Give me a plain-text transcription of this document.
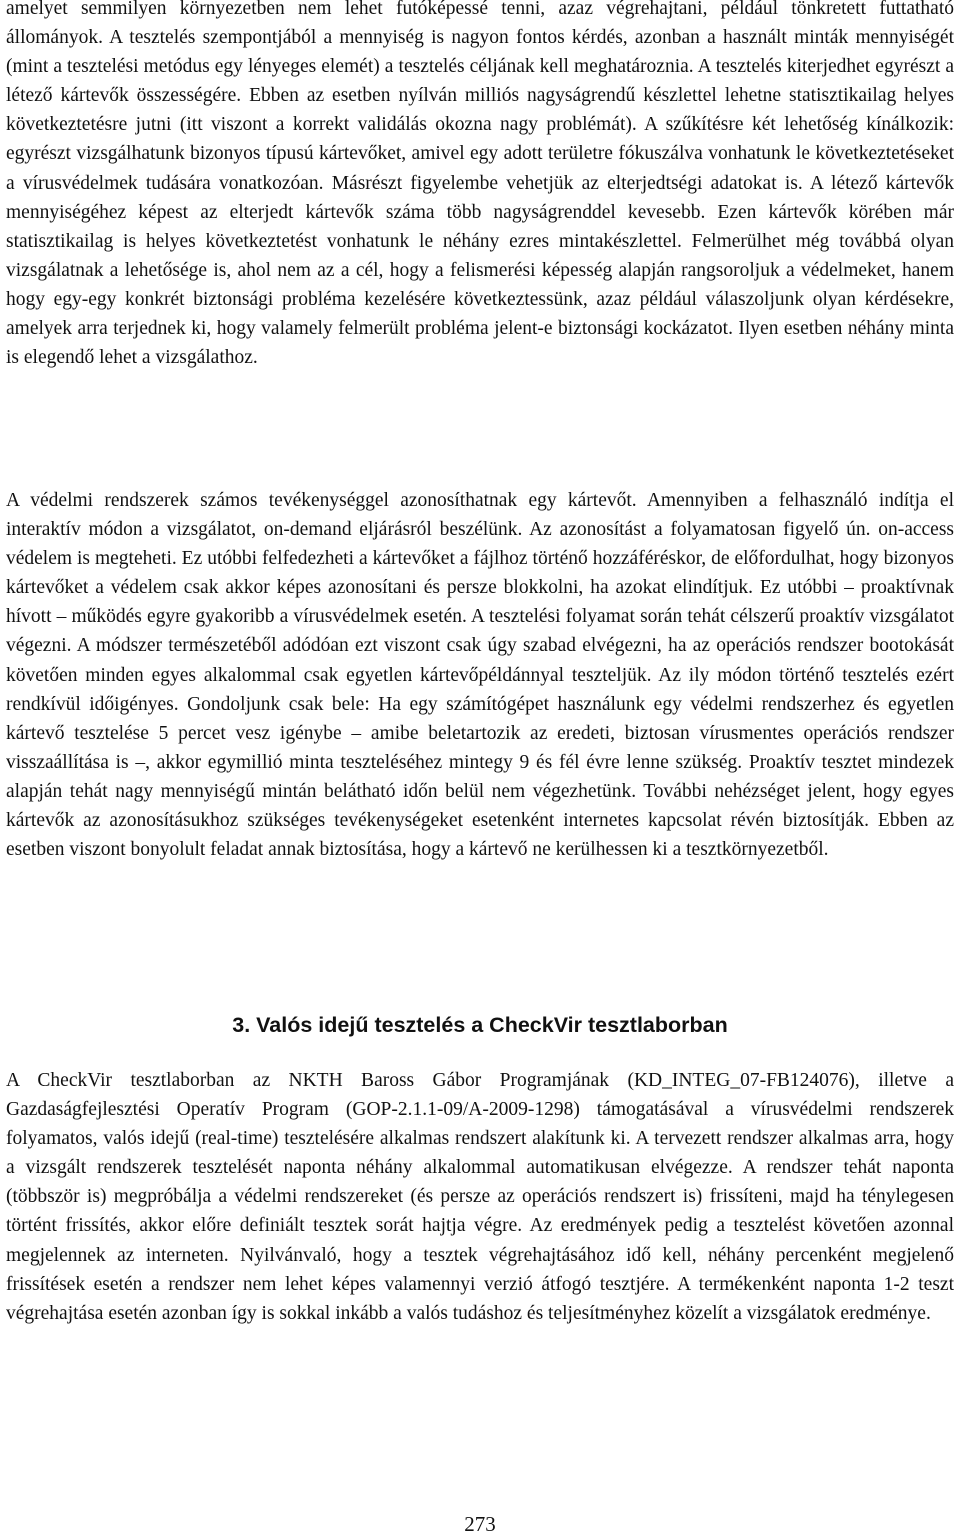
amelyet semmilyen környezetben nem lehet futóképessé tenni, azaz végrehajtani, például tönkretett futtatható állományok. A tesztelés szempontjából a mennyiség is nagyon fontos kérdés, azonban a használt minták mennyiségét (mint a tesztelési metódus egy lényeges elemét) a tesztelés céljának kell meghatároznia. A tesztelés kiterjedhet egyrészt a létező kártevők összességére. Ebben az esetben nyílván milliós nagyságrendű készlettel lehetne statisztikailag helyes következtetésre jutni (itt viszont a korrekt validálás okozna nagy problémát). A szűkítésre két lehetőség kínálkozik: egyrészt vizsgálhatunk bizonyos típusú kártevőket, amivel egy adott területre fókuszálva vonhatunk le következtetéseket a vírusvédelmek tudására vonatkozóan. Másrészt figyelembe vehetjük az elterjedtségi adatokat is. A létező kártevők mennyiségéhez képest az elterjedt kártevők száma több nagyságrenddel kevesebb. Ezen kártevők körében már statisztikailag is helyes következtetést vonhatunk le néhány ezres mintakészlettel. Felmerülhet még továbbá olyan vizsgálatnak a lehetősége is, ahol nem az a cél, hogy a felismerési képesség alapján rangsoroljuk a védelmeket, hanem hogy egy-egy konkrét biztonsági probléma kezelésére következtessünk, azaz például válaszoljunk olyan kérdésekre, amelyek arra terjednek ki, hogy valamely felmerült probléma jelent-e biztonsági kockázatot. Ilyen esetben néhány minta is elegendő lehet a vizsgálathoz.

A védelmi rendszerek számos tevékenységgel azonosíthatnak egy kártevőt. Amennyiben a felhasználó indítja el interaktív módon a vizsgálatot, on-demand eljárásról beszélünk. Az azonosítást a folyamatosan figyelő ún. on-access védelem is megteheti. Ez utóbbi felfedezheti a kártevőket a fájlhoz történő hozzáféréskor, de előfordulhat, hogy bizonyos kártevőket a védelem csak akkor képes azonosítani és persze blokkolni, ha azokat elindítjuk. Ez utóbbi – proaktívnak hívott – működés egyre gyakoribb a vírusvédelmek esetén. A tesztelési folyamat során tehát célszerű proaktív vizsgálatot végezni. A módszer természetéből adódóan ezt viszont csak úgy szabad elvégezni, ha az operációs rendszer bootokását követően minden egyes alkalommal csak egyetlen kártevőpéldánnyal teszteljük. Az ily módon történő tesztelés ezért rendkívül időigényes. Gondoljunk csak bele: Ha egy számítógépet használunk egy védelmi rendszerhez és egyetlen kártevő tesztelése 5 percet vesz igénybe – amibe beletartozik az eredeti, biztosan vírusmentes operációs rendszer visszaállítása is –, akkor egymillió minta teszteléséhez mintegy 9 és fél évre lenne szükség. Proaktív tesztet mindezek alapján tehát nagy mennyiségű mintán belátható időn belül nem végezhetünk. További nehézséget jelent, hogy egyes kártevők az azonosításukhoz szükséges tevékenységeket esetenként internetes kapcsolat révén biztosítják. Ebben az esetben viszont bonyolult feladat annak biztosítása, hogy a kártevő ne kerülhessen ki a tesztkörnyezetből.

3. Valós idejű tesztelés a CheckVir tesztlaborban

A CheckVir tesztlaborban az NKTH Baross Gábor Programjának (KD_INTEG_07-FB124076), illetve a Gazdaságfejlesztési Operatív Program (GOP-2.1.1-09/A-2009-1298) támogatásával a vírusvédelmi rendszerek folyamatos, valós idejű (real-time) tesztelésére alkalmas rendszert alakítunk ki. A tervezett rendszer alkalmas arra, hogy a vizsgált rendszerek tesztelését naponta néhány alkalommal automatikusan elvégezze. A rendszer tehát naponta (többször is) megpróbálja a védelmi rendszereket (és persze az operációs rendszert is) frissíteni, majd ha ténylegesen történt frissítés, akkor előre definiált tesztek sorát hajtja végre. Az eredmények pedig a tesztelést követően azonnal megjelennek az interneten. Nyilvánvaló, hogy a tesztek végrehajtásához idő kell, néhány percenként megjelenő frissítések esetén a rendszer nem lehet képes valamennyi verzió átfogó tesztjére. A termékenként naponta 1-2 teszt végrehajtása esetén azonban így is sokkal inkább a valós tudáshoz és teljesítményhez közelít a vizsgálatok eredménye.

273
